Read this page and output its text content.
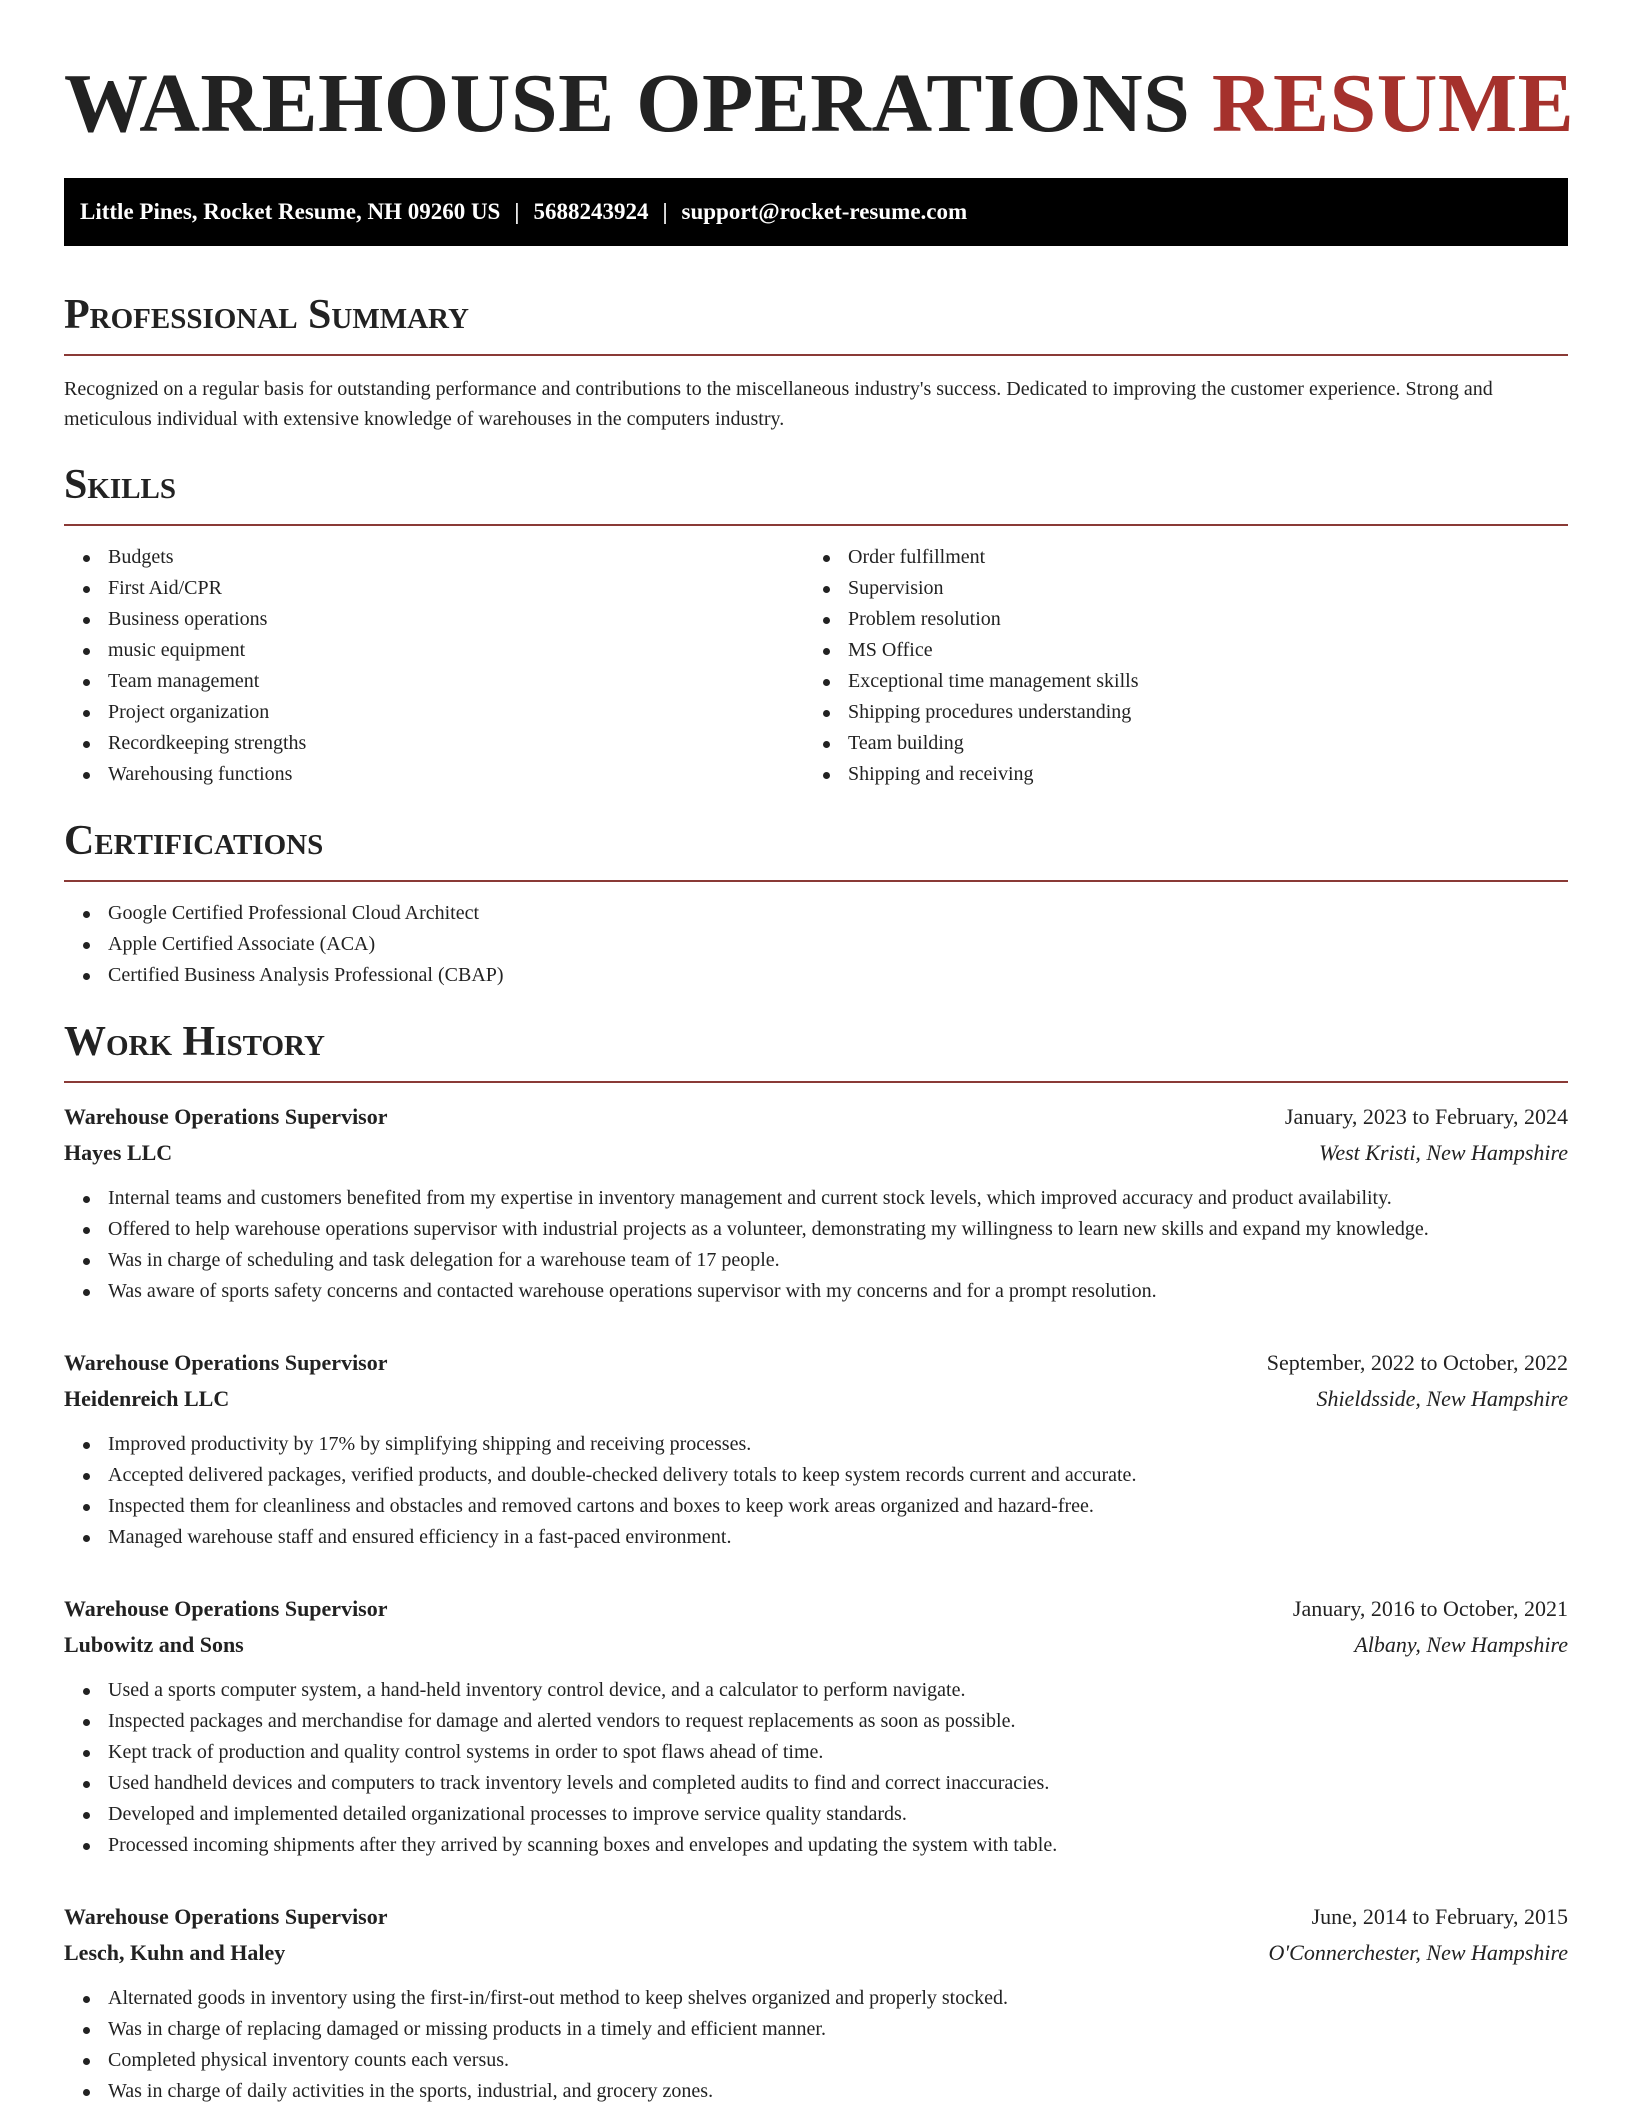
WAREHOUSE OPERATIONS RESUME
Little Pines, Rocket Resume, NH 09260 US | 5688243924 | support@rocket-resume.com
Professional Summary

Recognized on a regular basis for outstanding performance and contributions to the miscellaneous industry's success. Dedicated to improving the customer experience. Strong and meticulous individual with extensive knowledge of warehouses in the computers industry.

Skills
Budgets
First Aid/CPR
Business operations
music equipment
Team management
Project organization
Recordkeeping strengths
Warehousing functions
Order fulfillment
Supervision
Problem resolution
MS Office
Exceptional time management skills
Shipping procedures understanding
Team building
Shipping and receiving
Certifications
Google Certified Professional Cloud Architect
Apple Certified Associate (ACA)
Certified Business Analysis Professional (CBAP)
Work History
Warehouse Operations Supervisor	January, 2023 to February, 2024
Hayes LLC	West Kristi, New Hampshire
Internal teams and customers benefited from my expertise in inventory management and current stock levels, which improved accuracy and product availability.
Offered to help warehouse operations supervisor with industrial projects as a volunteer, demonstrating my willingness to learn new skills and expand my knowledge.
Was in charge of scheduling and task delegation for a warehouse team of 17 people.
Was aware of sports safety concerns and contacted warehouse operations supervisor with my concerns and for a prompt resolution.
Warehouse Operations Supervisor	September, 2022 to October, 2022
Heidenreich LLC	Shieldsside, New Hampshire
Improved productivity by 17% by simplifying shipping and receiving processes.
Accepted delivered packages, verified products, and double-checked delivery totals to keep system records current and accurate.
Inspected them for cleanliness and obstacles and removed cartons and boxes to keep work areas organized and hazard-free.
Managed warehouse staff and ensured efficiency in a fast-paced environment.
Warehouse Operations Supervisor	January, 2016 to October, 2021
Lubowitz and Sons	Albany, New Hampshire
Used a sports computer system, a hand-held inventory control device, and a calculator to perform navigate.
Inspected packages and merchandise for damage and alerted vendors to request replacements as soon as possible.
Kept track of production and quality control systems in order to spot flaws ahead of time.
Used handheld devices and computers to track inventory levels and completed audits to find and correct inaccuracies.
Developed and implemented detailed organizational processes to improve service quality standards.
Processed incoming shipments after they arrived by scanning boxes and envelopes and updating the system with table.
Warehouse Operations Supervisor	June, 2014 to February, 2015
Lesch, Kuhn and Haley	O'Connerchester, New Hampshire
Alternated goods in inventory using the first-in/first-out method to keep shelves organized and properly stocked.
Was in charge of replacing damaged or missing products in a timely and efficient manner.
Completed physical inventory counts each versus.
Was in charge of daily activities in the sports, industrial, and grocery zones.
